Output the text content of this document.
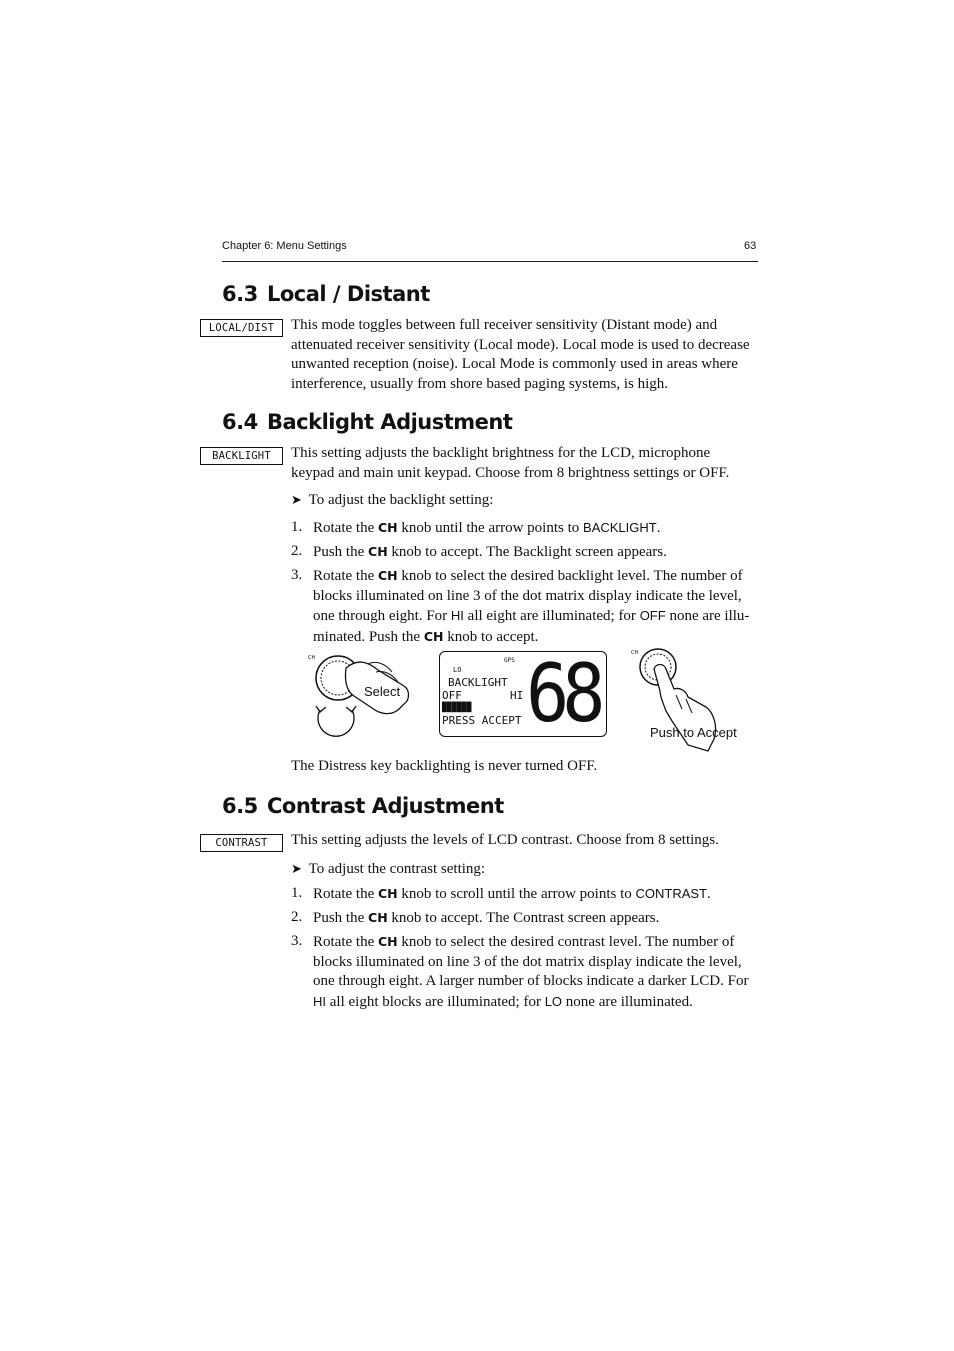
Chapter 6: Menu Settings	63
6.3 Local / Distant
LOCAL/DIST	This mode toggles between full receiver sensitivity (Distant mode) and
attenuated receiver sensitivity (Local mode). Local mode is used to decrease
unwanted reception (noise). Local Mode is commonly used in areas where
interference, usually from shore based paging systems, is high.
6.4 Backlight Adjustment
BACKLIGHT	This setting adjusts the backlight brightness for the LCD, microphone
keypad and main unit keypad. Choose from 8 brightness settings or OFF.
➤ To adjust the backlight setting:
1. Rotate the CH knob until the arrow points to BACKLIGHT.
2. Push the CH knob to accept. The Backlight screen appears.
3. Rotate the CH knob to select the desired backlight level. The number of
blocks illuminated on line 3 of the dot matrix display indicate the level,
one through eight. For HI all eight are illuminated; for OFF none are illu-
minated. Push the CH knob to accept.
CH
Select
LO
GPS
BACKLIGHT
OFF	HI
▉▉▉▉▉▉
PRESS ACCEPT 68	CH
Push to Accept
The Distress key backlighting is never turned OFF.
6.5 Contrast Adjustment
CONTRAST	This setting adjusts the levels of LCD contrast. Choose from 8 settings.
➤ To adjust the contrast setting:
1. Rotate the CH knob to scroll until the arrow points to CONTRAST.
2. Push the CH knob to accept. The Contrast screen appears.
3. Rotate the CH knob to select the desired contrast level. The number of
blocks illuminated on line 3 of the dot matrix display indicate the level,
one through eight. A larger number of blocks indicate a darker LCD. For
HI all eight blocks are illuminated; for LO none are illuminated.
